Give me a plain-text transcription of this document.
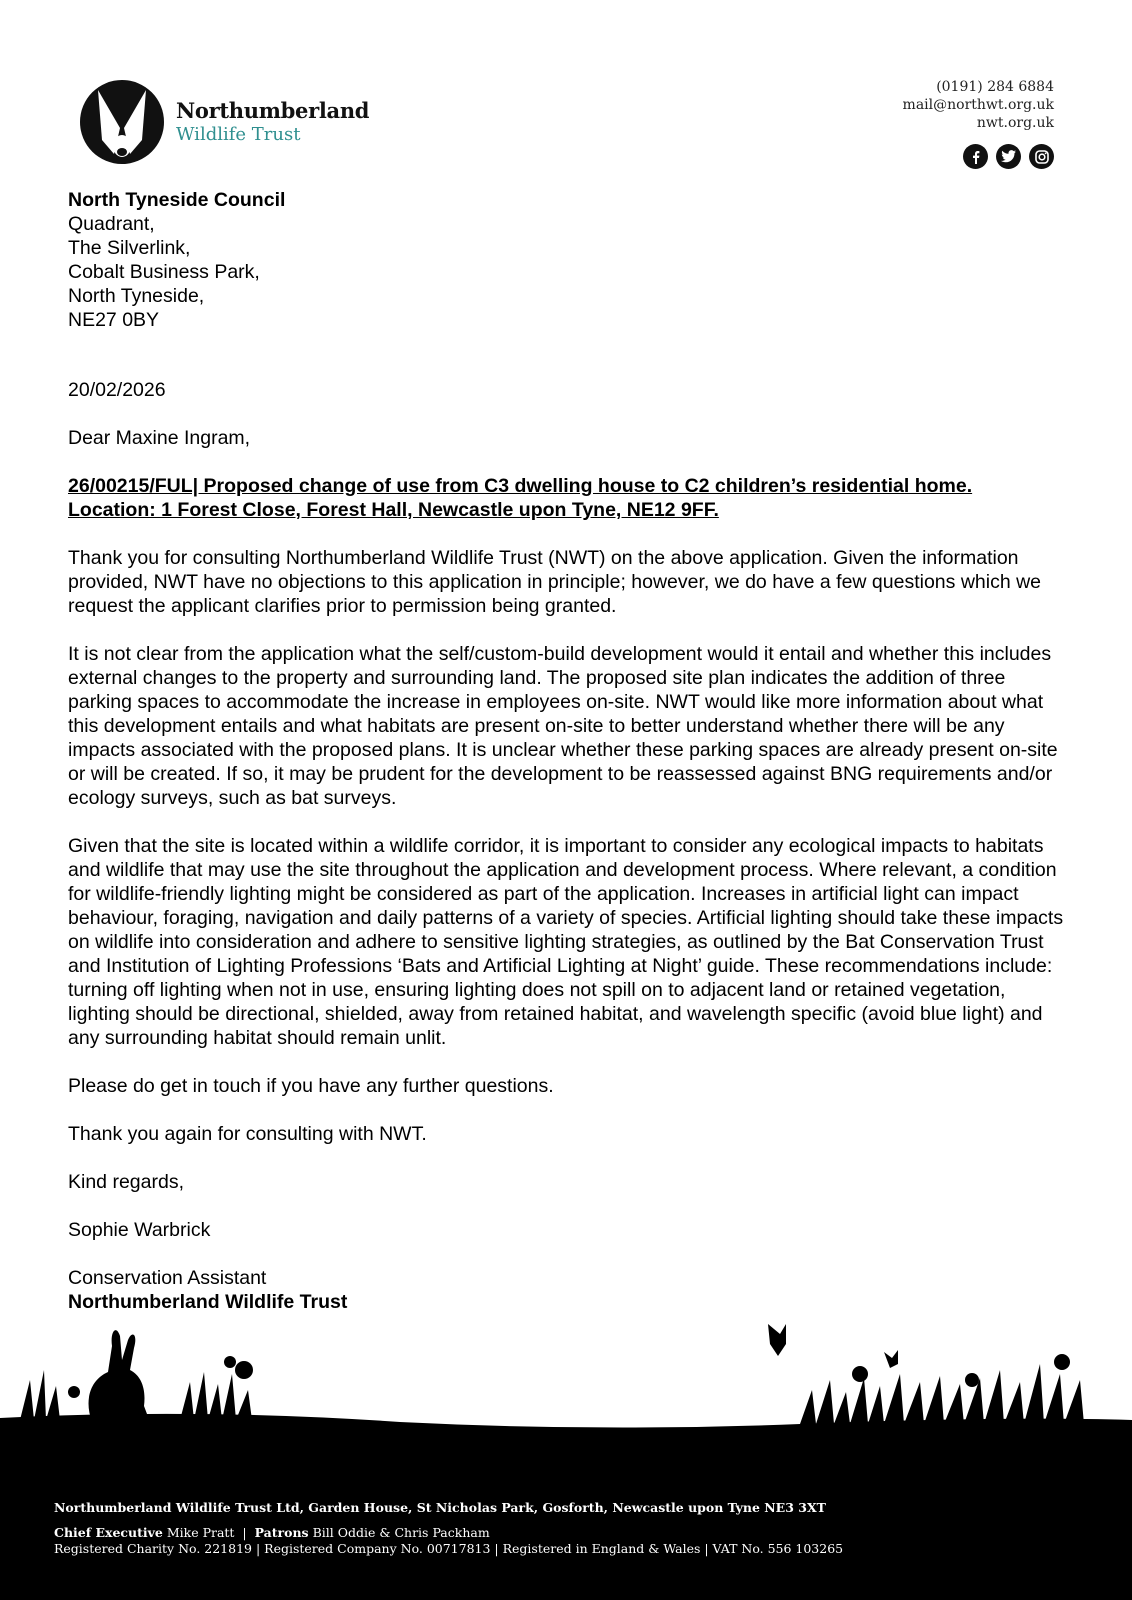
Northumberland
Wildlife Trust
(0191) 284 6884
mail@northwt.org.uk
nwt.org.uk
North Tyneside Council
Quadrant,
The Silverlink,
Cobalt Business Park,
North Tyneside,
NE27 0BY
20/02/2026
Dear Maxine Ingram,
26/00215/FUL| Proposed change of use from C3 dwelling house to C2 children’s residential home.
Location: 1 Forest Close, Forest Hall, Newcastle upon Tyne, NE12 9FF.
Thank you for consulting Northumberland Wildlife Trust (NWT) on the above application. Given the information provided, NWT have no objections to this application in principle; however, we do have a few questions which we request the applicant clarifies prior to permission being granted.
It is not clear from the application what the self/custom-build development would it entail and whether this includes external changes to the property and surrounding land. The proposed site plan indicates the addition of three parking spaces to accommodate the increase in employees on-site. NWT would like more information about what this development entails and what habitats are present on-site to better understand whether there will be any impacts associated with the proposed plans. It is unclear whether these parking spaces are already present on-site or will be created. If so, it may be prudent for the development to be reassessed against BNG requirements and/or ecology surveys, such as bat surveys.
Given that the site is located within a wildlife corridor, it is important to consider any ecological impacts to habitats and wildlife that may use the site throughout the application and development process. Where relevant, a condition for wildlife-friendly lighting might be considered as part of the application. Increases in artificial light can impact behaviour, foraging, navigation and daily patterns of a variety of species. Artificial lighting should take these impacts on wildlife into consideration and adhere to sensitive lighting strategies, as outlined by the Bat Conservation Trust and Institution of Lighting Professions ‘Bats and Artificial Lighting at Night’ guide. These recommendations include: turning off lighting when not in use, ensuring lighting does not spill on to adjacent land or retained vegetation, lighting should be directional, shielded, away from retained habitat, and wavelength specific (avoid blue light) and any surrounding habitat should remain unlit.
Please do get in touch if you have any further questions.
Thank you again for consulting with NWT.
Kind regards,
Sophie Warbrick
Conservation Assistant
Northumberland Wildlife Trust
Northumberland Wildlife Trust Ltd, Garden House, St Nicholas Park, Gosforth, Newcastle upon Tyne NE3 3XT
Chief Executive Mike Pratt  |  Patrons Bill Oddie & Chris Packham
Registered Charity No. 221819 | Registered Company No. 00717813 | Registered in England & Wales | VAT No. 556 103265
